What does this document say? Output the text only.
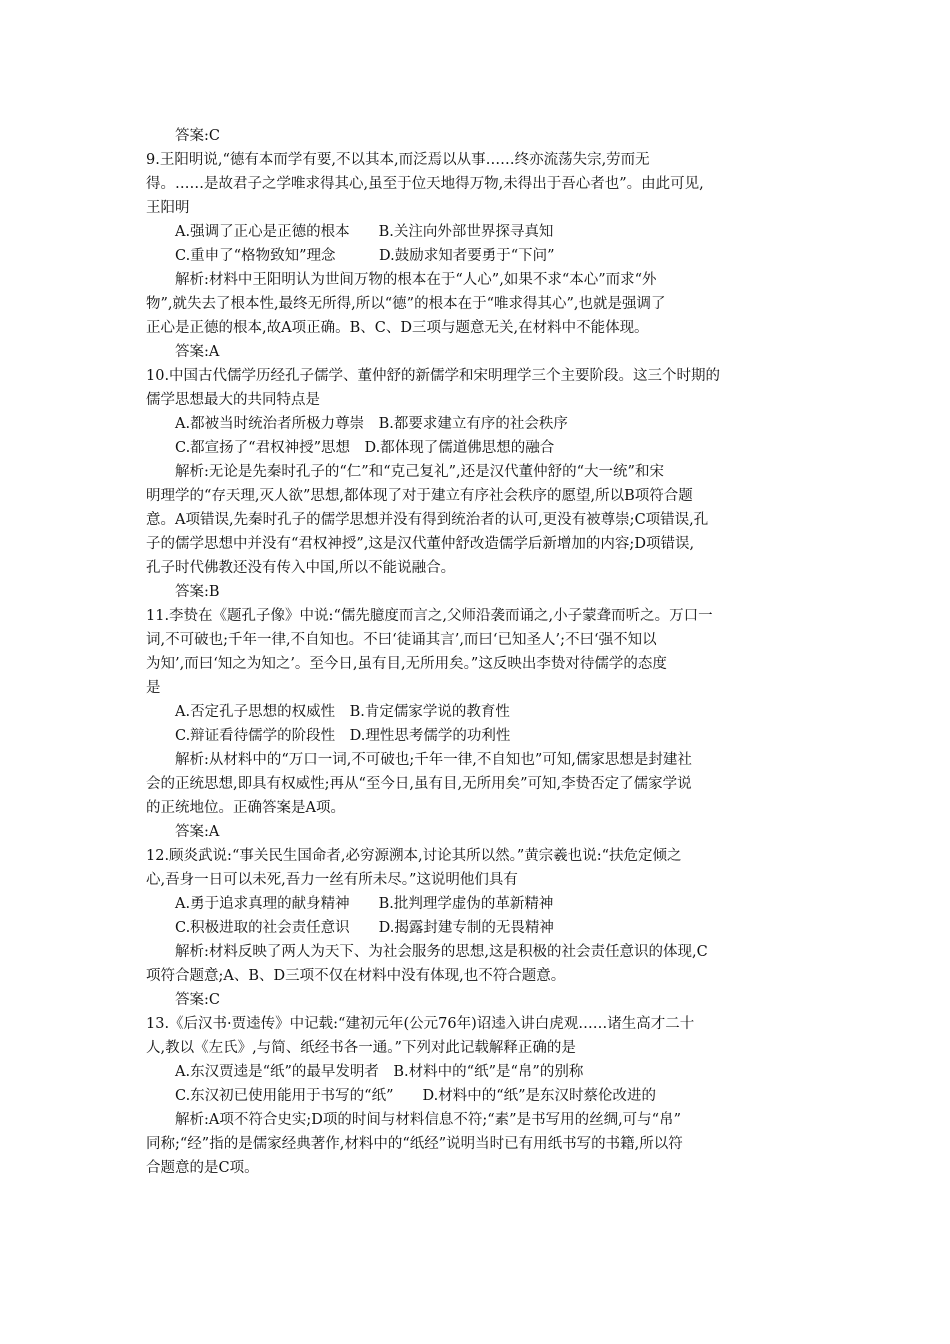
答案:C
9.王阳明说,“德有本而学有要,不以其本,而泛焉以从事……终亦流荡失宗,劳而无
得。……是故君子之学唯求得其心,虽至于位天地得万物,未得出于吾心者也”。由此可见,
王阳明
A.强调了正心是正德的根本　　B.关注向外部世界探寻真知
C.重申了“格物致知”理念　　　D.鼓励求知者要勇于“下问”
解析:材料中王阳明认为世间万物的根本在于“人心”,如果不求“本心”而求“外
物”,就失去了根本性,最终无所得,所以“德”的根本在于“唯求得其心”,也就是强调了
正心是正德的根本,故A项正确。B、C、D三项与题意无关,在材料中不能体现。
答案:A
10.中国古代儒学历经孔子儒学、董仲舒的新儒学和宋明理学三个主要阶段。这三个时期的
儒学思想最大的共同特点是
A.都被当时统治者所极力尊崇　B.都要求建立有序的社会秩序
C.都宣扬了“君权神授”思想　D.都体现了儒道佛思想的融合
解析:无论是先秦时孔子的“仁”和“克己复礼”,还是汉代董仲舒的“大一统”和宋
明理学的“存天理,灭人欲”思想,都体现了对于建立有序社会秩序的愿望,所以B项符合题
意。A项错误,先秦时孔子的儒学思想并没有得到统治者的认可,更没有被尊崇;C项错误,孔
子的儒学思想中并没有“君权神授”,这是汉代董仲舒改造儒学后新增加的内容;D项错误,
孔子时代佛教还没有传入中国,所以不能说融合。
答案:B
11.李贽在《题孔子像》中说:“儒先臆度而言之,父师沿袭而诵之,小子蒙聋而听之。万口一
词,不可破也;千年一律,不自知也。不曰‘徒诵其言’,而曰‘已知圣人’;不曰‘强不知以
为知’,而曰‘知之为知之’。至今日,虽有目,无所用矣。”这反映出李贽对待儒学的态度
是
A.否定孔子思想的权威性　B.肯定儒家学说的教育性
C.辩证看待儒学的阶段性　D.理性思考儒学的功利性
解析:从材料中的“万口一词,不可破也;千年一律,不自知也”可知,儒家思想是封建社
会的正统思想,即具有权威性;再从“至今日,虽有目,无所用矣”可知,李贽否定了儒家学说
的正统地位。正确答案是A项。
答案:A
12.顾炎武说:“事关民生国命者,必穷源溯本,讨论其所以然。”黄宗羲也说:“扶危定倾之
心,吾身一日可以未死,吾力一丝有所未尽。”这说明他们具有
A.勇于追求真理的献身精神　　B.批判理学虚伪的革新精神
C.积极进取的社会责任意识　　D.揭露封建专制的无畏精神
解析:材料反映了两人为天下、为社会服务的思想,这是积极的社会责任意识的体现,C
项符合题意;A、B、D三项不仅在材料中没有体现,也不符合题意。
答案:C
13.《后汉书·贾逵传》中记载:“建初元年(公元76年)诏逵入讲白虎观……诸生高才二十
人,教以《左氏》,与简、纸经书各一通。”下列对此记载解释正确的是
A.东汉贾逵是“纸”的最早发明者　B.材料中的“纸”是“帛”的别称
C.东汉初已使用能用于书写的“纸”　　D.材料中的“纸”是东汉时蔡伦改进的
解析:A项不符合史实;D项的时间与材料信息不符;“素”是书写用的丝绸,可与“帛”
同称;“经”指的是儒家经典著作,材料中的“纸经”说明当时已有用纸书写的书籍,所以符
合题意的是C项。
